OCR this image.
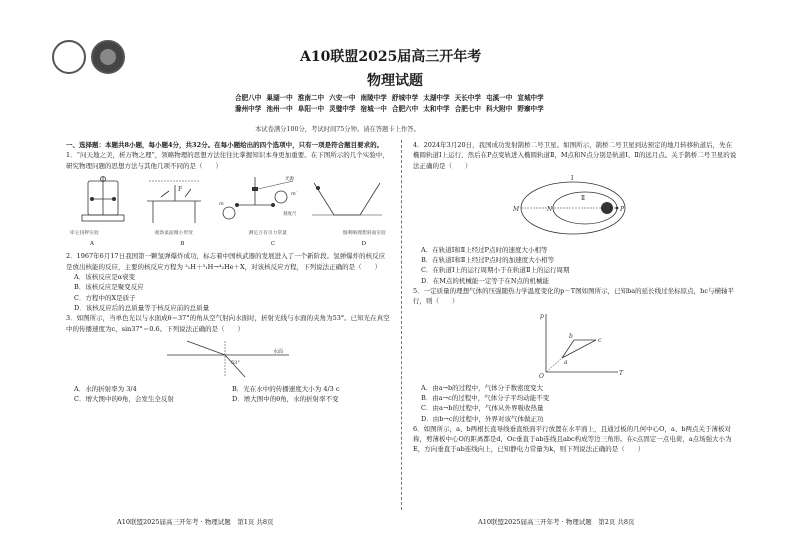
A10联盟2025届高三开年考
物理试题
合肥八中 巢湖一中 淮南二中 六安一中 南陵中学 舒城中学 太湖中学 天长中学 屯溪一中 宣城中学
滁州中学 池州一中 阜阳一中 灵璧中学 宿城一中 合肥六中 太和中学 合肥七中 科大附中 野寨中学
本试卷满分100分，考试时间75分钟。请在答题卡上作答。

一、选择题：本题共8小题，每小题4分，共32分。在每小题给出的四个选项中，只有一项是符合题目要求的。

1．“问天地之美，析万物之理”，领略物理的思想方法往往比掌握知识本身更加重要。在下图所示的几个实验中，研究物理问题的思想方法与其他几项不同的是（　　）

F
光源
刻度尺
m
m′
库仑扭秤实验	观察桌面微小形变	测定万有引力常量	伽利略理想斜面实验
A	B	C	D

2．1967年6月17日我国第一颗氢弹爆炸成功，标志着中国核武器的发展进入了一个新阶段。氢弹爆炸的核反应是放出核能的反应，主要的核反应方程为 ²₁H＋³₁H→⁴₂He＋X，对该核反应方程，下列说法正确的是（　　）

A．该核反应是α衰变

B．该核反应是聚变反应

C．方程中的X是质子

D．该核反应后的总质量等于核反应前的总质量

3．如图所示，当单色光以与水面成θ＝37°的角从空气射向水面时，折射光线与水面的夹角为53°。已知光在真空中的传播速度为c，sin37°＝0.6。下列说法正确的是（　　）

53°
水面

A．水的折射率为 3/4	B．光在水中的传播速度大小为 4/3 c

C．增大图中的θ角，会发生全反射	D．增大图中的θ角，水的折射率不变

4．2024年3月20日，我国成功发射鹊桥二号卫星。如图所示，鹊桥二号卫星到达预定的地月转移轨道后，先在椭圆轨道Ⅰ上运行，然后在P点变轨进入椭圆轨道Ⅱ，M点和N点分别是轨道Ⅰ、Ⅱ的远月点。关于鹊桥二号卫星的说法正确的是（　　）

Ⅰ
Ⅱ
M	N	P

A．在轨道Ⅰ和Ⅱ上经过P点时的速度大小相等

B．在轨道Ⅰ和Ⅱ上经过P点时的加速度大小相等

C．在轨道Ⅰ上的运行周期小于在轨道Ⅱ上的运行周期

D．在M点的机械能一定等于在N点的机械能

5．一定质量的理想气体的压强随热力学温度变化的p－T图如图所示，已知ba的延长线过坐标原点，bc与横轴平行，则（　　）

p
T
O
a
b
c

A．由a→b的过程中，气体分子数密度变大

B．由a→c的过程中，气体分子平均动能不变

C．由a→b的过程中，气体从外界吸收热量

D．由b→c的过程中，外界对该气体做正功

6．如图所示，a、b两根长直导线垂直纸面平行放置在水平面上，且通过板的几何中心O，a、b两点关于薄板对称，剪薄板中心O的距离都是d，Oc垂直于ab连线且abc构成等边三角形。在c点固定一点电荷，a点场强大小为E，方向垂直于ab连线向上，已知静电力常量为k，则下列说法正确的是（　　）

A10联盟2025届高三开年考 · 物理试题　第1页 共8页	A10联盟2025届高三开年考 · 物理试题　第2页 共8页
